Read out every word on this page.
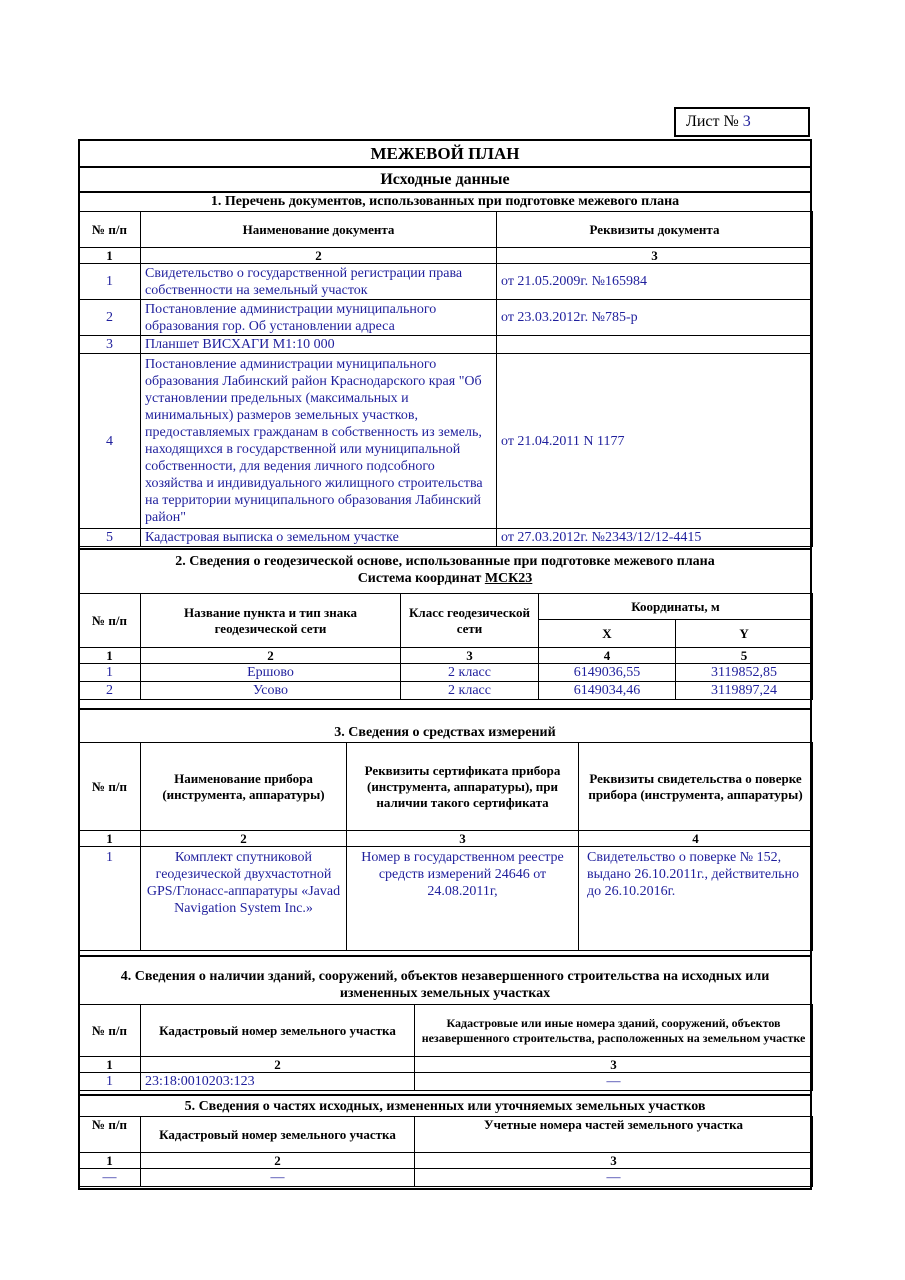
Лист № 3
МЕЖЕВОЙ ПЛАН
Исходные данные
1. Перечень документов, использованных при подготовке межевого плана
№ п/п	Наименование документа	Реквизиты документа
1	2	3
1	Свидетельство о государственной регистрации права собственности на земельный участок	от 21.05.2009г. №165984
2	Постановление администрации муниципального образования гор. Об установлении адреса	от 23.03.2012г. №785-р
3	Планшет ВИСХАГИ М1:10 000	
4	Постановление администрации муниципального образования Лабинский район Краснодарского края "Об установлении предельных (максимальных и минимальных) размеров земельных участков, предоставляемых гражданам в собственность из земель, находящихся в государственной или муниципальной собственности, для ведения личного подсобного хозяйства и индивидуального жилищного строительства на территории муниципального образования Лабинский район"	от 21.04.2011 N 1177
5	Кадастровая выписка о земельном участке	от 27.03.2012г. №2343/12/12-4415
2. Сведения о геодезической основе, использованные при подготовке межевого плана
Система координат МСК23
№ п/п	Название пункта и тип знака геодезической сети	Класс геодезической сети	Координаты, м	
			X	Y
1	2	3	4	5
1	Ершово	2 класс	6149036,55	3119852,85
2	Усово	2 класс	6149034,46	3119897,24
3. Сведения о средствах измерений
№ п/п	Наименование прибора (инструмента, аппаратуры)	Реквизиты сертификата прибора (инструмента, аппаратуры), при наличии такого сертификата	Реквизиты свидетельства о поверке прибора (инструмента, аппаратуры)
1	2	3	4
1	Комплект спутниковой геодезической двухчастотной GPS/Глонасс-аппаратуры «Javad Navigation System Inc.»	Номер в государственном реестре средств измерений 24646 от 24.08.2011г,	Свидетельство о поверке № 152, выдано 26.10.2011г., действительно до 26.10.2016г.
4. Сведения о наличии зданий, сооружений, объектов незавершенного строительства на исходных или измененных земельных участках
№ п/п	Кадастровый номер земельного участка	Кадастровые или иные номера зданий, сооружений, объектов незавершенного строительства, расположенных на земельном участке
1	2	3
1	23:18:0010203:123	—
5. Сведения о частях исходных, измененных или уточняемых земельных участков
№ п/п	Кадастровый номер земельного участка	Учетные номера частей земельного участка
1	2	3
—	—	—
